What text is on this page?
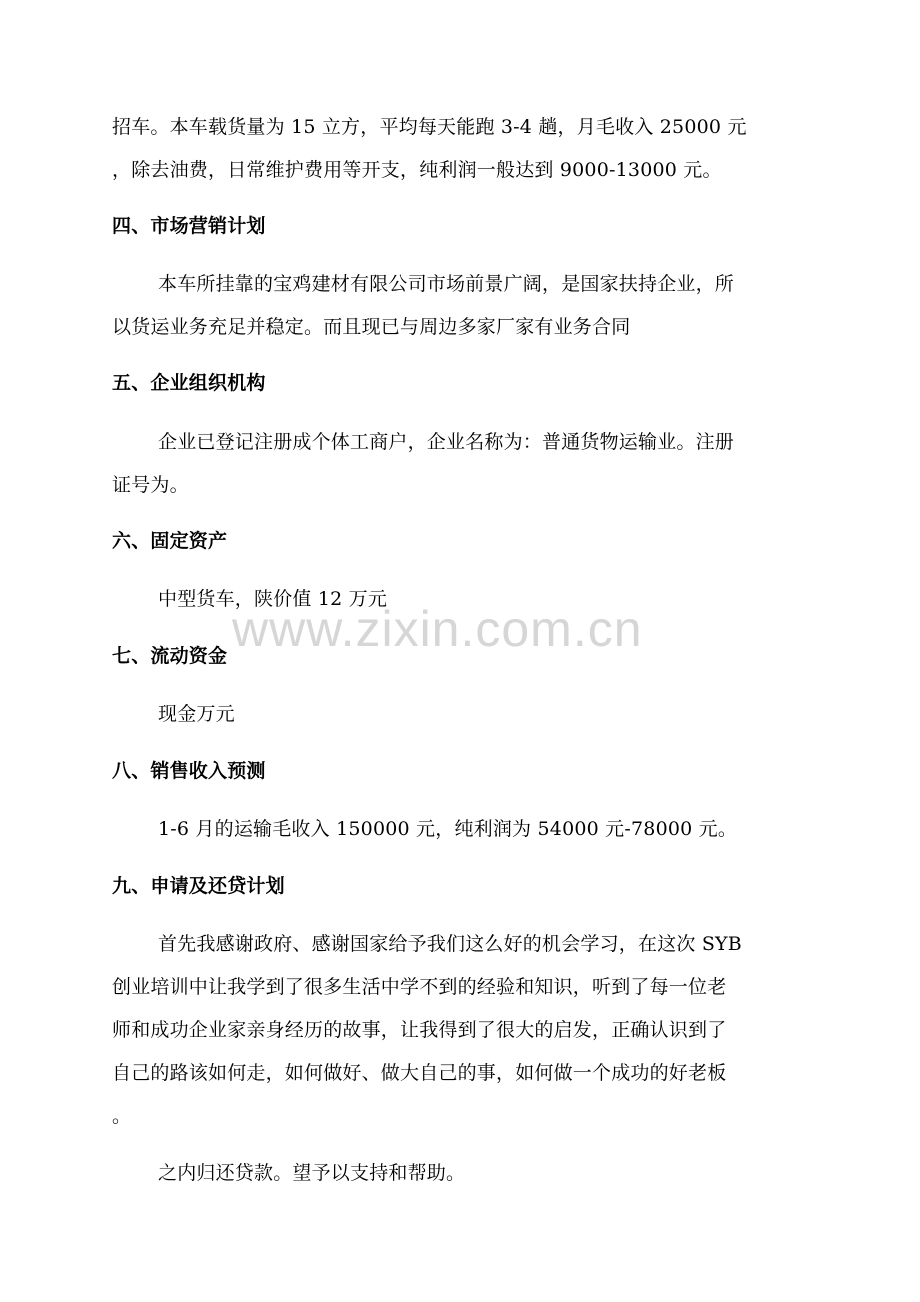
www.zixin.com.cn
招车。本车载货量为 15 立方，平均每天能跑 3-4 趟，月毛收入 25000 元
，除去油费，日常维护费用等开支，纯利润一般达到 9000-13000 元。
四、市场营销计划
本车所挂靠的宝鸡建材有限公司市场前景广阔，是国家扶持企业，所
以货运业务充足并稳定。而且现已与周边多家厂家有业务合同
五、企业组织机构
企业已登记注册成个体工商户，企业名称为：普通货物运输业。注册
证号为。
六、固定资产
中型货车，陕价值 12 万元
七、流动资金
现金万元
八、销售收入预测
1-6 月的运输毛收入 150000 元，纯利润为 54000 元-78000 元。
九、申请及还贷计划
首先我感谢政府、感谢国家给予我们这么好的机会学习，在这次 SYB
创业培训中让我学到了很多生活中学不到的经验和知识，听到了每一位老
师和成功企业家亲身经历的故事，让我得到了很大的启发，正确认识到了
自己的路该如何走，如何做好、做大自己的事，如何做一个成功的好老板
。
之内归还贷款。望予以支持和帮助。
